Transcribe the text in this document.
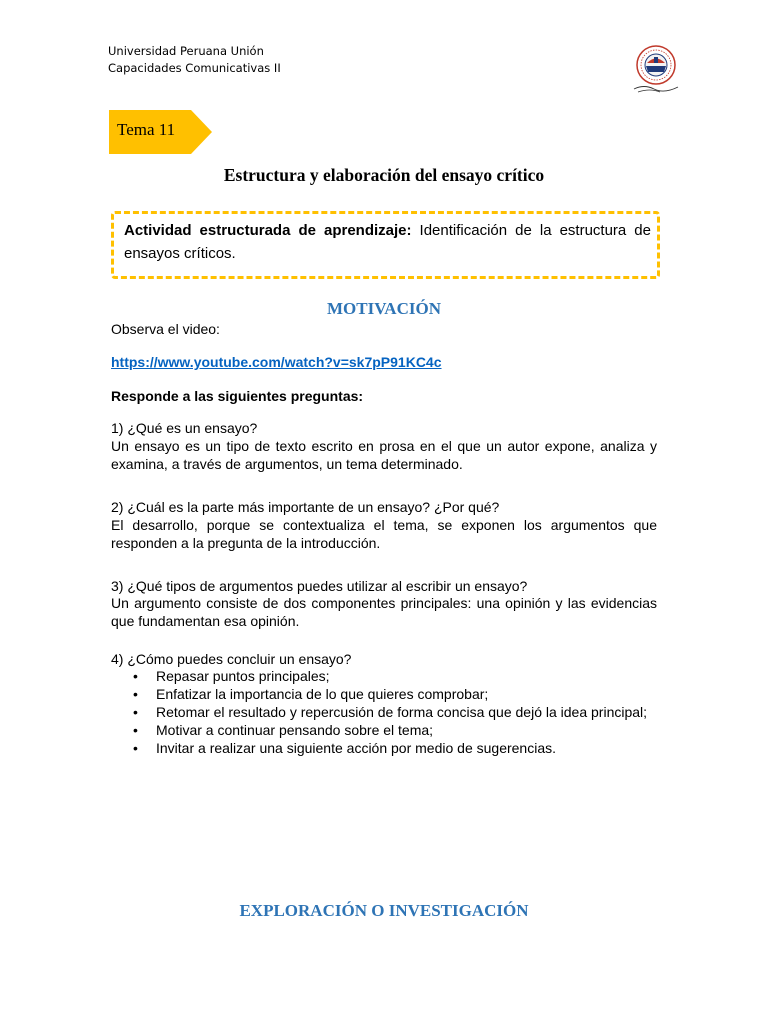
Universidad Peruana Unión
Capacidades Comunicativas II
Tema 11
Estructura y elaboración del ensayo crítico
Actividad estructurada de aprendizaje: Identificación de la estructura de ensayos críticos.
MOTIVACIÓN
Observa el video:
https://www.youtube.com/watch?v=sk7pP91KC4c
Responde a las siguientes preguntas:
1) ¿Qué es un ensayo?
Un ensayo es un tipo de texto escrito en prosa en el que un autor expone, analiza y examina, a través de argumentos, un tema determinado.
2) ¿Cuál es la parte más importante de un ensayo? ¿Por qué?
El desarrollo, porque se contextualiza el tema, se exponen los argumentos que responden a la pregunta de la introducción.
3) ¿Qué tipos de argumentos puedes utilizar al escribir un ensayo?
Un argumento consiste de dos componentes principales: una opinión y las evidencias que fundamentan esa opinión.
4) ¿Cómo puedes concluir un ensayo?
• Repasar puntos principales;
• Enfatizar la importancia de lo que quieres comprobar;
• Retomar el resultado y repercusión de forma concisa que dejó la idea principal;
• Motivar a continuar pensando sobre el tema;
• Invitar a realizar una siguiente acción por medio de sugerencias.
EXPLORACIÓN O INVESTIGACIÓN
